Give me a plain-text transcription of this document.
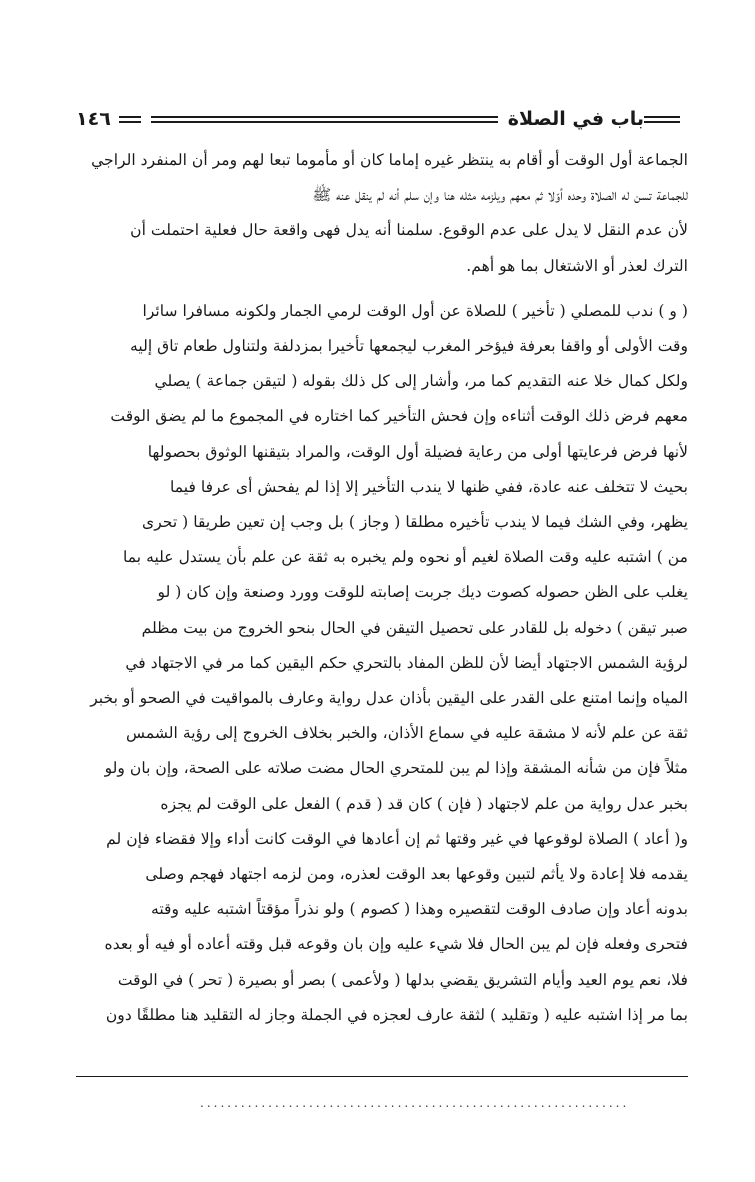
١٤٦	باب في الصلاة

الجماعة أول الوقت أو أقام به ينتظر غيره إماما كان أو مأموما تبعا لهم ومر أن المنفرد الراجي
للجماعة تسن له الصلاة وحده أوّلا ثم معهم ويلزمه مثله هنا وإن سلم أنه لم ينقل عنه ﷺ
لأن عدم النقل لا يدل على عدم الوقوع. سلمنا أنه يدل فهى واقعة حال فعلية احتملت أن
الترك لعذر أو الاشتغال بما هو أهم.

( و ) ندب للمصلي ( تأخير ) للصلاة عن أول الوقت لرمي الجمار ولكونه مسافرا سائرا
وقت الأولى أو واقفا بعرفة فيؤخر المغرب ليجمعها تأخيرا بمزدلفة ولتناول طعام تاق إليه
ولكل كمال خلا عنه التقديم كما مر، وأشار إلى كل ذلك بقوله ( لتيقن جماعة ) يصلي
معهم فرض ذلك الوقت أثناءه وإن فحش التأخير كما اختاره في المجموع ما لم يضق الوقت
لأنها فرض فرعايتها أولى من رعاية فضيلة أول الوقت، والمراد بتيقنها الوثوق بحصولها
بحيث لا تتخلف عنه عادة، ففي ظنها لا يندب التأخير إلا إذا لم يفحش أى عرفا فيما
يظهر، وفي الشك فيما لا يندب تأخيره مطلقا ( وجاز ) بل وجب إن تعين طريقا ( تحرى
من ) اشتبه عليه وقت الصلاة لغيم أو نحوه ولم يخبره به ثقة عن علم بأن يستدل عليه بما
يغلب على الظن حصوله كصوت ديك جربت إصابته للوقت وورد وصنعة وإن كان ( لو
صبر تيقن ) دخوله بل للقادر على تحصيل التيقن في الحال بنحو الخروج من بيت مظلم
لرؤية الشمس الاجتهاد أيضا لأن للظن المفاد بالتحري حكم اليقين كما مر في الاجتهاد في
المياه وإنما امتنع على القدر على اليقين بأذان عدل رواية وعارف بالمواقيت في الصحو أو بخبر
ثقة عن علم لأنه لا مشقة عليه في سماع الأذان، والخبر بخلاف الخروج إلى رؤية الشمس
مثلاً فإن من شأنه المشقة وإذا لم يبن للمتحري الحال مضت صلاته على الصحة، وإن بان ولو
بخبر عدل رواية من علم لاجتهاد ( فإن ) كان قد ( قدم ) الفعل على الوقت لم يجزه
و( أعاد ) الصلاة لوقوعها في غير وقتها ثم إن أعادها في الوقت كانت أداء وإلا فقضاء فإن لم
يقدمه فلا إعادة ولا يأثم لتبين وقوعها بعد الوقت لعذره، ومن لزمه اجتهاد فهجم وصلى
بدونه أعاد وإن صادف الوقت لتقصيره وهذا ( كصوم ) ولو نذراً مؤقتاً اشتبه عليه وقته
فتحرى وفعله فإن لم يبن الحال فلا شيء عليه وإن بان وقوعه قبل وقته أعاده أو فيه أو بعده
فلا، نعم يوم العيد وأيام التشريق يقضي بدلها ( ولأعمى ) بصر أو بصيرة ( تحر ) في الوقت
بما مر إذا اشتبه عليه ( وتقليد ) لثقة عارف لعجزه في الجملة وجاز له التقليد هنا مطلقًا دون

...............................................................
